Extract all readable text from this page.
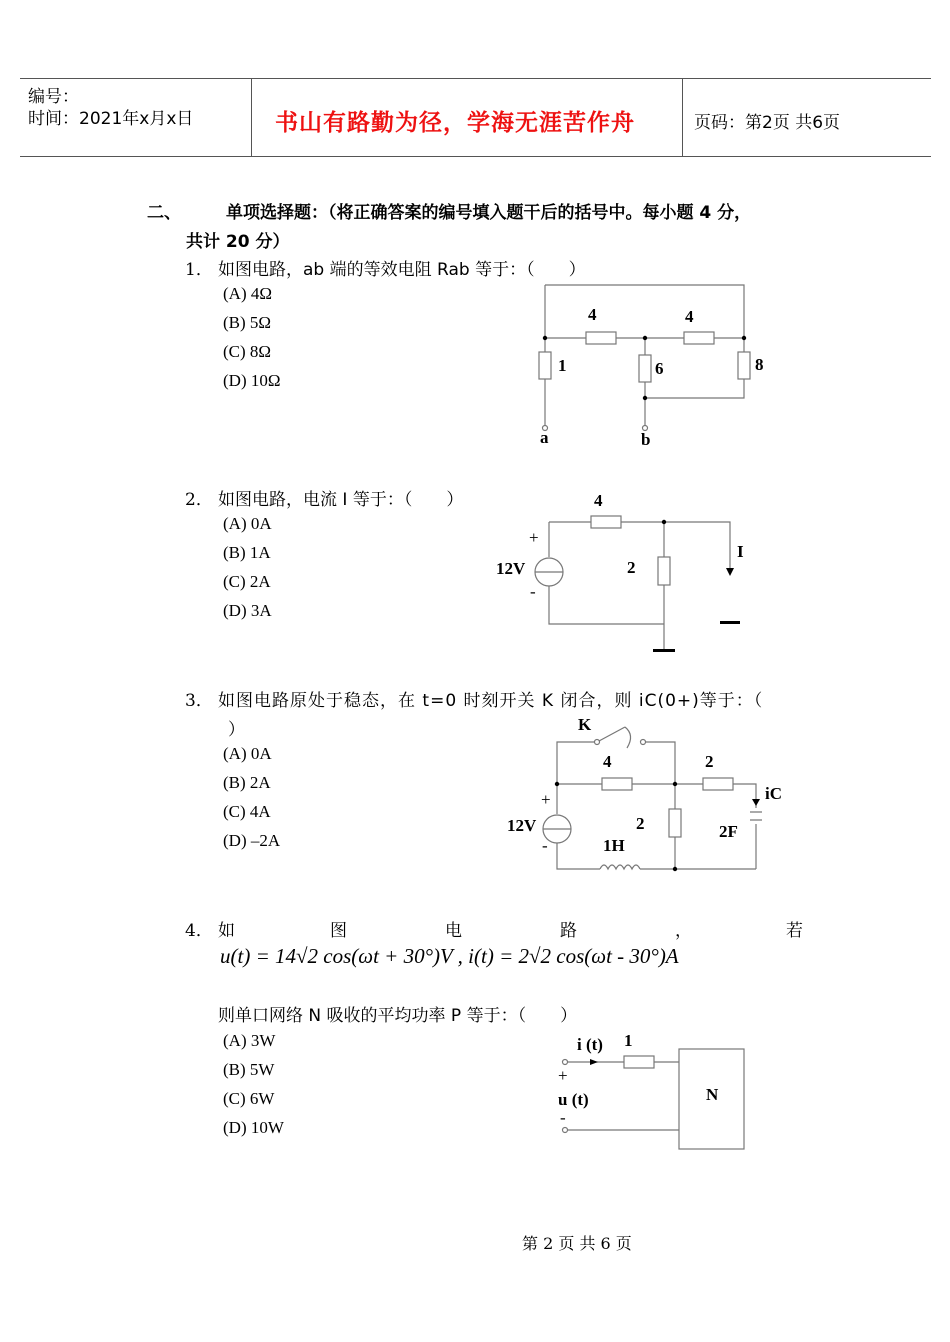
编号：
时间：2021年x月x日	书山有路勤为径，学海无涯苦作舟	页码：第2页 共6页
二、	单项选择题：（将正确答案的编号填入题干后的括号中。每小题 4 分，
共计 20 分）
1． 如图电路，ab 端的等效电阻 Rab 等于：（　　）
(A) 4Ω
(B) 5Ω
(C) 8Ω
(D) 10Ω
4	4
1	6	8
a	b
2． 如图电路，电流 I 等于：（　　）
(A) 0A
(B) 1A
(C) 2A
(D) 3A
4
2
12V
+
-
I
3． 如图电路原处于稳态，在 t=0 时刻开关 K 闭合，则 iC(0+)等于：（
）
(A) 0A
(B) 2A
(C) 4A
(D) –2A
K
4	2
2
12V
+
-	1H
2F
iC
4． 如	图	电	路	，	若
u(t) = 14√2 cos(ωt + 30°)V , i(t) = 2√2 cos(ωt - 30°)A
则单口网络 N 吸收的平均功率 P 等于：（　　）
(A) 3W
(B) 5W
(C) 6W
(D) 10W
i (t) 1
+
u (t)
-
N
第 2 页 共 6 页
